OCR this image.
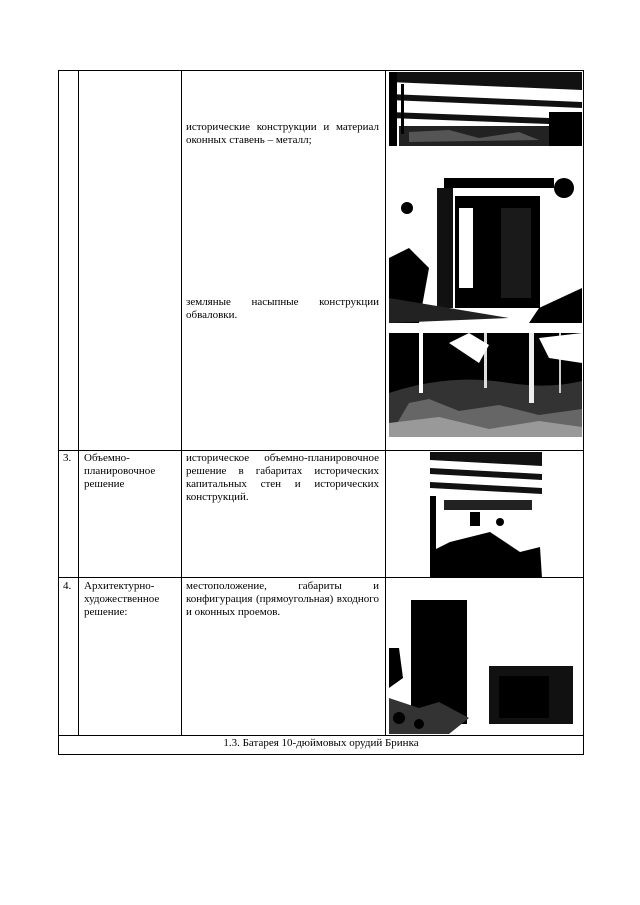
исторические конструкции и материал оконных ставень – металл;
земляные насыпные конструкции обваловки.
3.	Объемно-планировочное решение
историческое объемно-планировочное решение в габаритах исторических капитальных стен и исторических конструкций.
4.	Архитектурно-художественное решение:
местоположение, габариты и конфигурация (прямоугольная) входного и оконных проемов.
1.3. Батарея 10-дюймовых орудий Бринка
